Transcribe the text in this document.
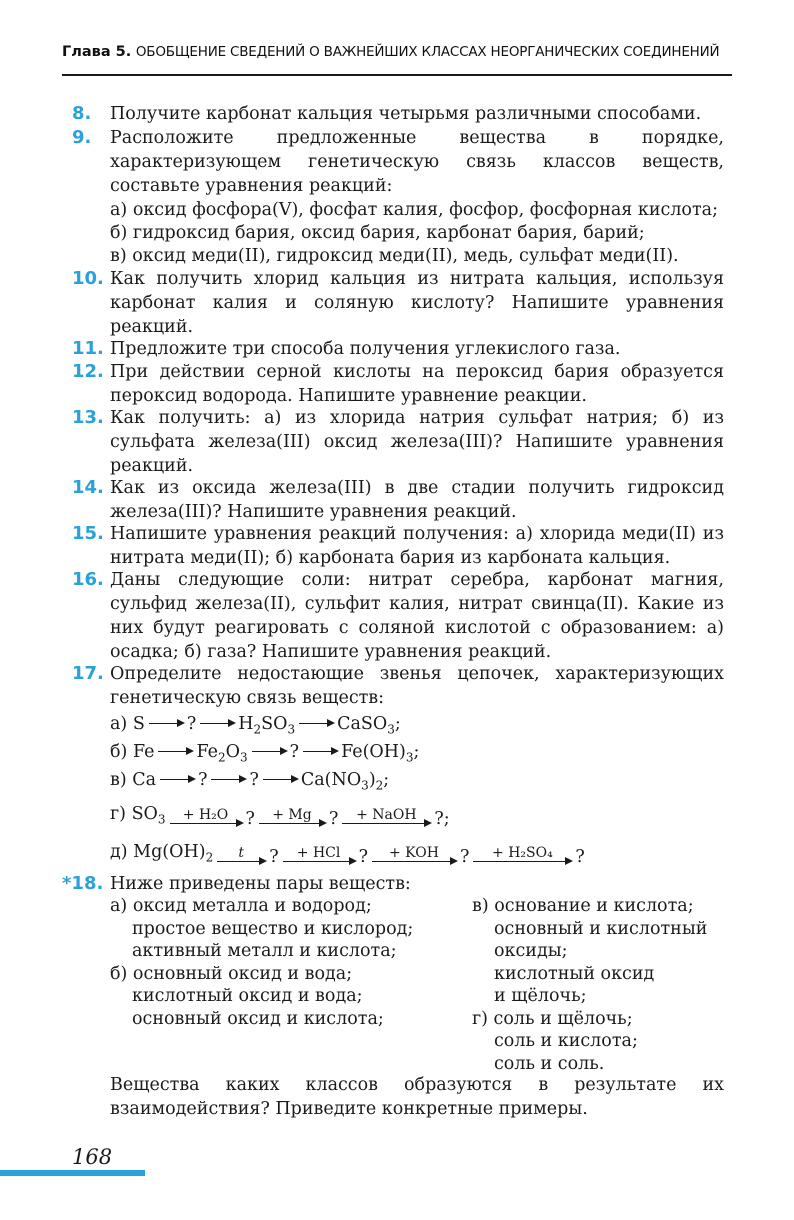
Глава 5. ОБОБЩЕНИЕ СВЕДЕНИЙ О ВАЖНЕЙШИХ КЛАССАХ НЕОРГАНИЧЕСКИХ СОЕДИНЕНИЙ
8. Получите карбонат кальция четырьмя различными способами.
9. Расположите предложенные вещества в порядке, характеризующем генетическую связь классов веществ, составьте уравнения реакций:
а) оксид фосфора(V), фосфат калия, фосфор, фосфорная кислота;
б) гидроксид бария, оксид бария, карбонат бария, барий;
в) оксид меди(II), гидроксид меди(II), медь, сульфат меди(II).
10. Как получить хлорид кальция из нитрата кальция, используя карбонат калия и соляную кислоту? Напишите уравнения реакций.
11. Предложите три способа получения углекислого газа.
12. При действии серной кислоты на пероксид бария образуется пероксид водорода. Напишите уравнение реакции.
13. Как получить: а) из хлорида натрия сульфат натрия; б) из сульфата железа(III) оксид железа(III)? Напишите уравнения реакций.
14. Как из оксида железа(III) в две стадии получить гидроксид железа(III)? Напишите уравнения реакций.
15. Напишите уравнения реакций получения: а) хлорида меди(II) из нитрата меди(II); б) карбоната бария из карбоната кальция.
16. Даны следующие соли: нитрат серебра, карбонат магния, сульфид железа(II), сульфит калия, нитрат свинца(II). Какие из них будут реагировать с соляной кислотой с образованием: а) осадка; б) газа? Напишите уравнения реакций.
17. Определите недостающие звенья цепочек, характеризующих генетическую связь веществ:
а) S ? $H_2SO_3$ CaSO$_3$;
б) Fe $Fe_2O_3$ ? $Fe(OH)_3$;
в) Ca ? ? $Ca(NO_3)_2$;
г) $SO_3$	+ H₂O ?	+ Mg ?	+ NaOH	?;
д) $Mg(OH)_2$	t	?	+ HCl	?	+ KOH	?	+ H₂SO₄	?
*18. Ниже приведены пары веществ:
а) оксид металла и водород;
простое вещество и кислород;
активный металл и кислота;
б) основный оксид и вода;
кислотный оксид и вода;
основный оксид и кислота;
в) основание и кислота;
основный и кислотный
оксиды;
кислотный оксид
и щёлочь;
г) соль и щёлочь;
соль и кислота;
соль и соль.
Вещества каких классов образуются в результате их взаимодействия? Приведите конкретные примеры.
168
